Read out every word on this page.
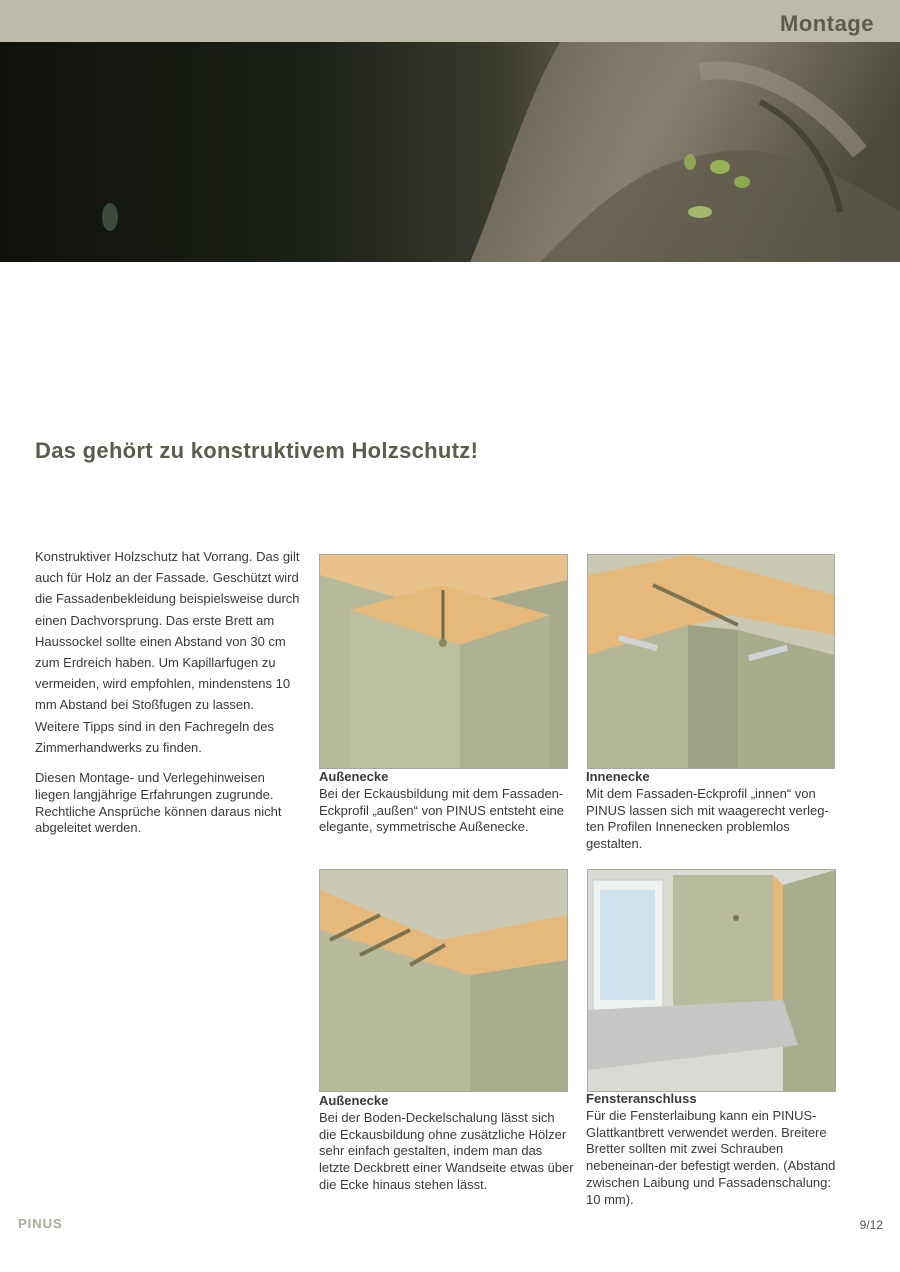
Montage
Das gehört zu konstruktivem Holzschutz!
Konstruktiver Holzschutz hat Vorrang. Das gilt auch für Holz an der Fassade. Geschützt wird die Fassadenbekleidung beispielsweise durch einen Dachvorsprung. Das erste Brett am Haussockel sollte einen Abstand von 30 cm zum Erdreich haben. Um Kapillarfugen zu vermeiden, wird empfohlen, mindenstens 10 mm Abstand bei Stoßfugen zu lassen. Weitere Tipps sind in den Fachregeln des Zimmerhandwerks zu finden.
Diesen Montage- und Verlegehinweisen liegen langjährige Erfahrungen zugrunde. Rechtliche Ansprüche können daraus nicht abgeleitet werden.
Außenecke
Bei der Eckausbildung mit dem Fassaden-Eckprofil „außen“ von PINUS entsteht eine elegante, symmetrische Außenecke.
Innenecke
Mit dem Fassaden-Eckprofil „innen“ von PINUS lassen sich mit waagerecht verleg-ten Profilen Innenecken problemlos gestalten.
Außenecke
Bei der Boden-Deckelschalung lässt sich die Eckausbildung ohne zusätzliche Hölzer sehr einfach gestalten, indem man das letzte Deckbrett einer Wandseite etwas über die Ecke hinaus stehen lässt.
Fensteranschluss
Für die Fensterlaibung kann ein PINUS-Glattkantbrett verwendet werden. Breitere Bretter sollten mit zwei Schrauben nebeneinan-der befestigt werden. (Abstand zwischen Laibung und Fassadenschalung: 10 mm).
PINUS	9/12
